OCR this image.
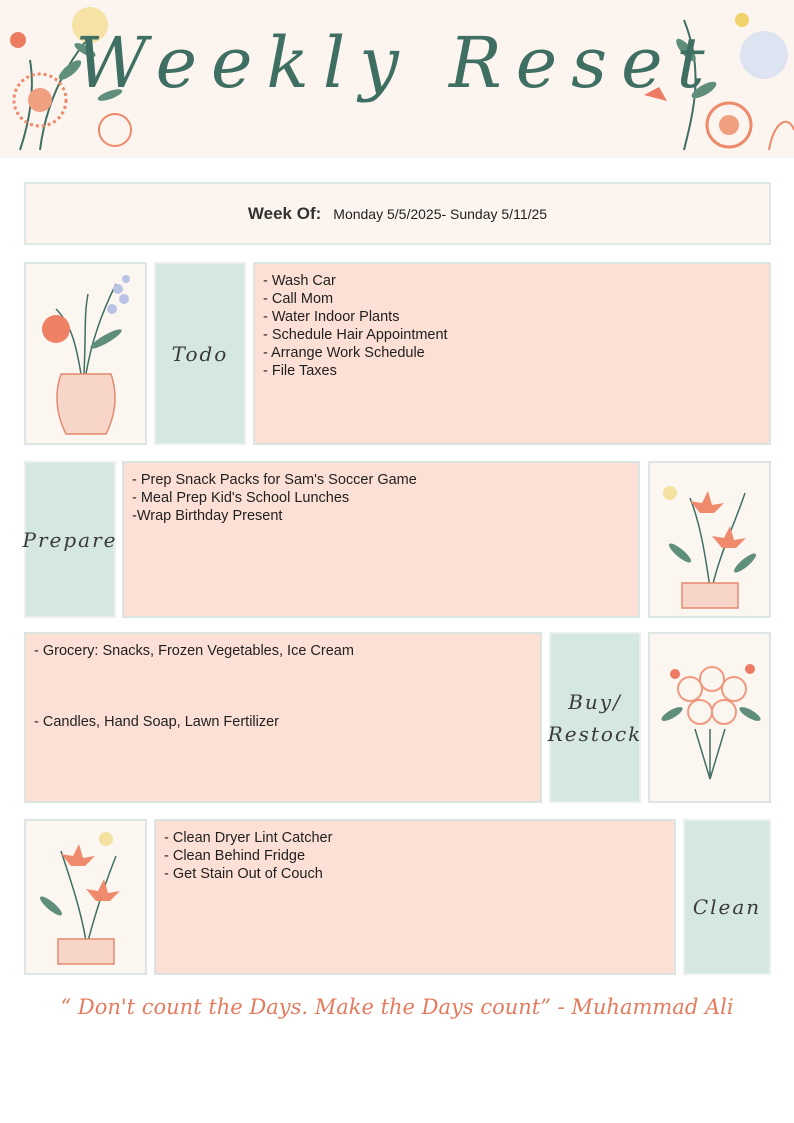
Weekly Reset
Week Of: Monday 5/5/2025- Sunday 5/11/25
Todo
- Wash Car
- Call Mom
- Water Indoor Plants
- Schedule Hair Appointment
- Arrange Work Schedule
- File Taxes
Prepare
- Prep Snack Packs for Sam's Soccer Game
- Meal Prep Kid's School Lunches
-Wrap Birthday Present
- Grocery: Snacks, Frozen Vegetables, Ice Cream
- Candles, Hand Soap, Lawn Fertilizer
Buy/
Restock
- Clean Dryer Lint Catcher
- Clean Behind Fridge
- Get Stain Out of Couch
Clean
“ Don't count the Days. Make the Days count” - Muhammad Ali
